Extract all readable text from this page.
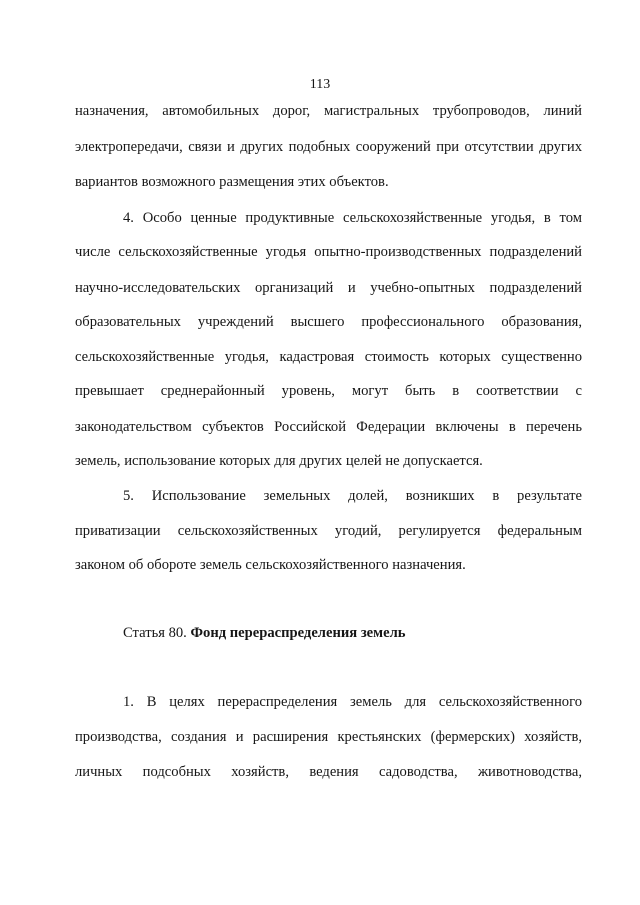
113
назначения, автомобильных дорог, магистральных трубопроводов, линий
электропередачи, связи и других подобных сооружений при отсутствии других
вариантов возможного размещения этих объектов.
4. Особо ценные продуктивные сельскохозяйственные угодья, в том
числе сельскохозяйственные угодья опытно-производственных подразделений
научно-исследовательских организаций и учебно-опытных подразделений
образовательных учреждений высшего профессионального образования,
сельскохозяйственные угодья, кадастровая стоимость которых существенно
превышает среднерайонный уровень, могут быть в соответствии с
законодательством субъектов Российской Федерации включены в перечень
земель, использование которых для других целей не допускается.
5. Использование земельных долей, возникших в результате
приватизации сельскохозяйственных угодий, регулируется федеральным
законом об обороте земель сельскохозяйственного назначения.
Статья 80. Фонд перераспределения земель
1. В целях перераспределения земель для сельскохозяйственного
производства, создания и расширения крестьянских (фермерских) хозяйств,
личных подсобных хозяйств, ведения садоводства, животноводства,
